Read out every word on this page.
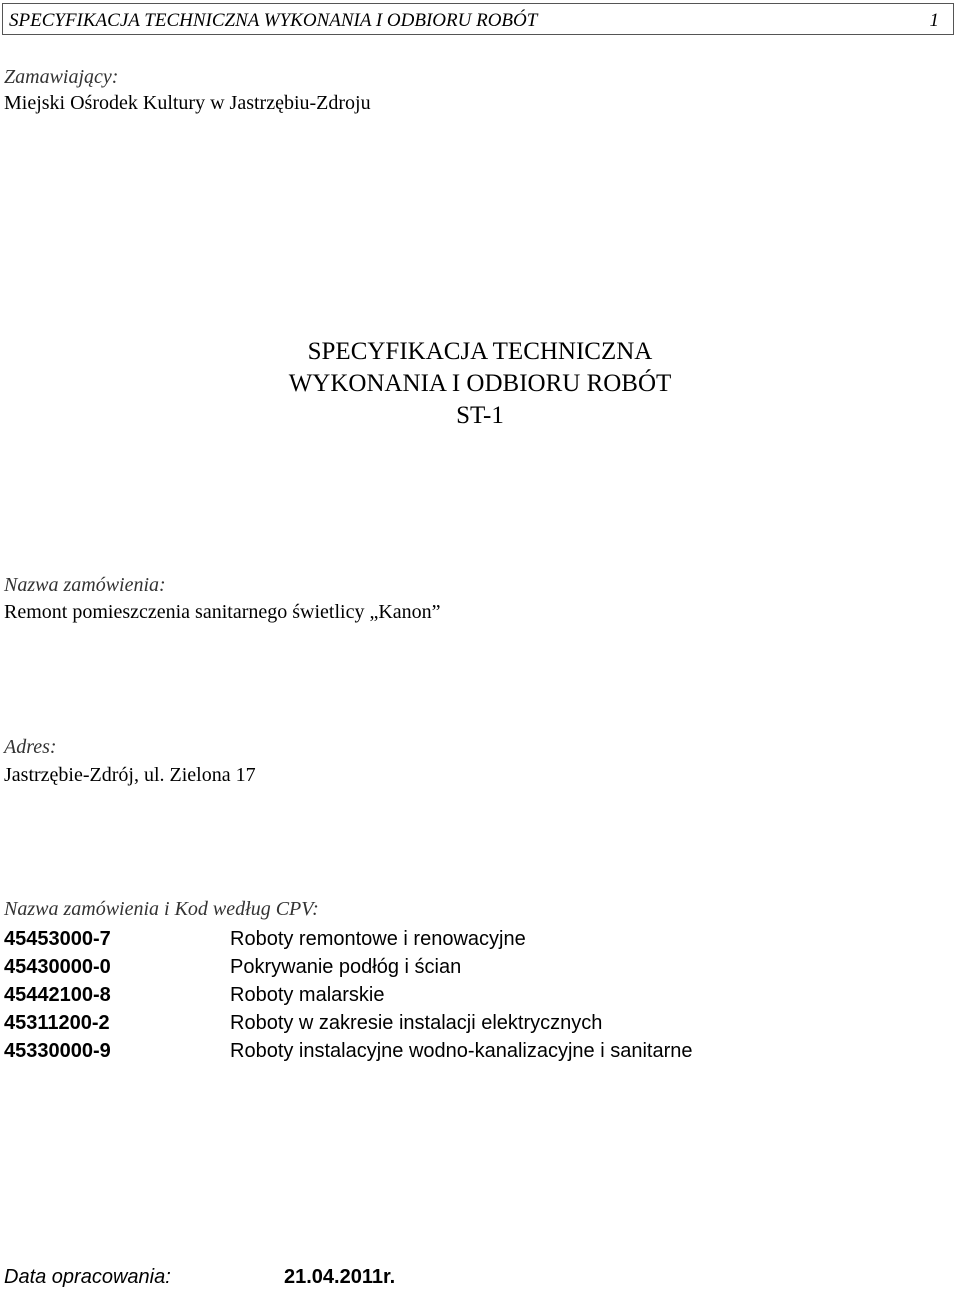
SPECYFIKACJA TECHNICZNA WYKONANIA I ODBIORU ROBÓT	1
Zamawiający:
Miejski Ośrodek Kultury w Jastrzębiu-Zdroju
SPECYFIKACJA TECHNICZNA
WYKONANIA I ODBIORU ROBÓT
ST-1
Nazwa zamówienia:
Remont pomieszczenia sanitarnego świetlicy „Kanon”
Adres:
Jastrzębie-Zdrój, ul. Zielona 17
Nazwa zamówienia i Kod według CPV:
45453000-7	Roboty remontowe i renowacyjne
45430000-0	Pokrywanie podłóg i ścian
45442100-8	Roboty malarskie
45311200-2	Roboty w zakresie instalacji elektrycznych
45330000-9	Roboty instalacyjne wodno-kanalizacyjne i sanitarne
Data opracowania:	21.04.2011r.
